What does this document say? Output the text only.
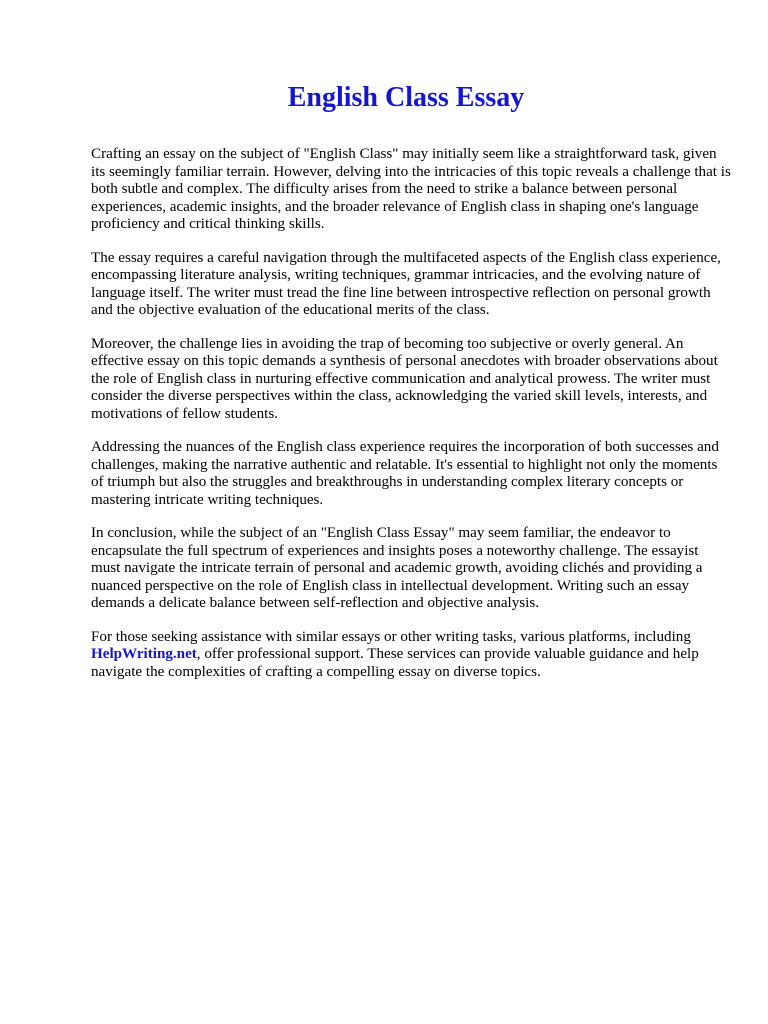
English Class Essay

Crafting an essay on the subject of "English Class" may initially seem like a straightforward task, given its seemingly familiar terrain. However, delving into the intricacies of this topic reveals a challenge that is both subtle and complex. The difficulty arises from the need to strike a balance between personal experiences, academic insights, and the broader relevance of English class in shaping one's language proficiency and critical thinking skills.

The essay requires a careful navigation through the multifaceted aspects of the English class experience, encompassing literature analysis, writing techniques, grammar intricacies, and the evolving nature of language itself. The writer must tread the fine line between introspective reflection on personal growth and the objective evaluation of the educational merits of the class.

Moreover, the challenge lies in avoiding the trap of becoming too subjective or overly general. An effective essay on this topic demands a synthesis of personal anecdotes with broader observations about the role of English class in nurturing effective communication and analytical prowess. The writer must consider the diverse perspectives within the class, acknowledging the varied skill levels, interests, and motivations of fellow students.

Addressing the nuances of the English class experience requires the incorporation of both successes and challenges, making the narrative authentic and relatable. It's essential to highlight not only the moments of triumph but also the struggles and breakthroughs in understanding complex literary concepts or mastering intricate writing techniques.

In conclusion, while the subject of an "English Class Essay" may seem familiar, the endeavor to encapsulate the full spectrum of experiences and insights poses a noteworthy challenge. The essayist must navigate the intricate terrain of personal and academic growth, avoiding clichés and providing a nuanced perspective on the role of English class in intellectual development. Writing such an essay demands a delicate balance between self-reflection and objective analysis.

For those seeking assistance with similar essays or other writing tasks, various platforms, including HelpWriting.net, offer professional support. These services can provide valuable guidance and help navigate the complexities of crafting a compelling essay on diverse topics.
